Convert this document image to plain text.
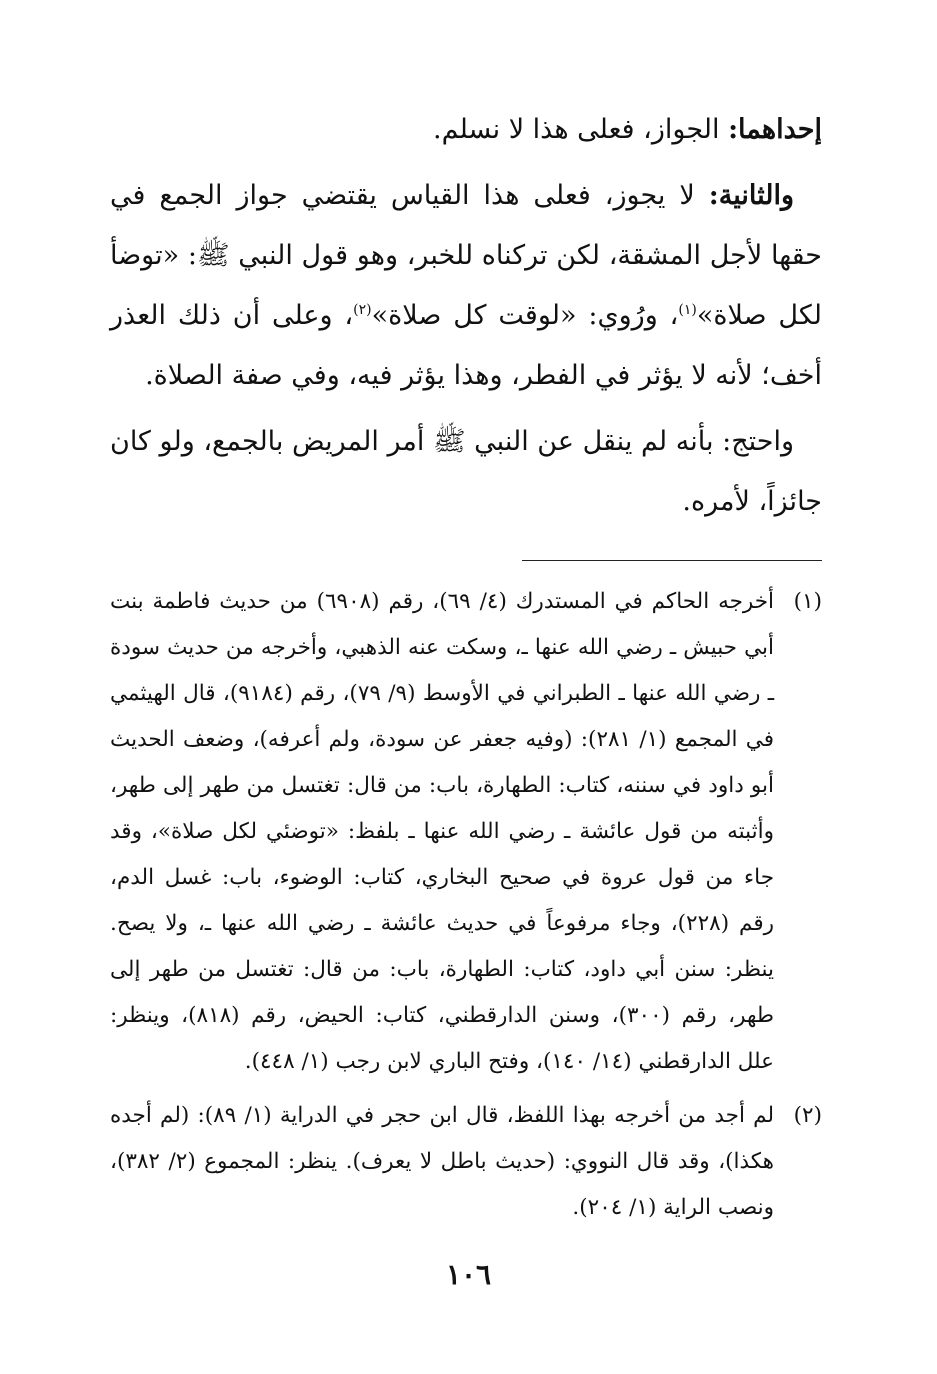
إحداهما: الجواز، فعلى هذا لا نسلم.

والثانية: لا يجوز، فعلى هذا القياس يقتضي جواز الجمع في حقها لأجل المشقة، لكن تركناه للخبر، وهو قول النبي ﷺ: «توضأ لكل صلاة»$^{(١)}$، ورُوي: «لوقت كل صلاة»$^{(٢)}$، وعلى أن ذلك العذر أخف؛ لأنه لا يؤثر في الفطر، وهذا يؤثر فيه، وفي صفة الصلاة.

واحتج: بأنه لم ينقل عن النبي ﷺ أمر المريض بالجمع، ولو كان جائزاً، لأمره.

(١)
أخرجه الحاكم في المستدرك (٤/ ٦٩)، رقم (٦٩٠٨) من حديث فاطمة بنت أبي حبيش ـ رضي الله عنها ـ، وسكت عنه الذهبي، وأخرجه من حديث سودة ـ رضي الله عنها ـ الطبراني في الأوسط (٩/ ٧٩)، رقم (٩١٨٤)، قال الهيثمي في المجمع (١/ ٢٨١): (وفيه جعفر عن سودة، ولم أعرفه)، وضعف الحديث أبو داود في سننه، كتاب: الطهارة، باب: من قال: تغتسل من طهر إلى طهر، وأثبته من قول عائشة ـ رضي الله عنها ـ بلفظ: «توضئي لكل صلاة»، وقد جاء من قول عروة في صحيح البخاري، كتاب: الوضوء، باب: غسل الدم، رقم (٢٢٨)، وجاء مرفوعاً في حديث عائشة ـ رضي الله عنها ـ، ولا يصح. ينظر: سنن أبي داود، كتاب: الطهارة، باب: من قال: تغتسل من طهر إلى طهر، رقم (٣٠٠)، وسنن الدارقطني، كتاب: الحيض، رقم (٨١٨)، وينظر: علل الدارقطني (١٤/ ١٤٠)، وفتح الباري لابن رجب (١/ ٤٤٨).
(٢)
لم أجد من أخرجه بهذا اللفظ، قال ابن حجر في الدراية (١/ ٨٩): (لم أجده هكذا)، وقد قال النووي: (حديث باطل لا يعرف). ينظر: المجموع (٢/ ٣٨٢)، ونصب الراية (١/ ٢٠٤).
١٠٦
